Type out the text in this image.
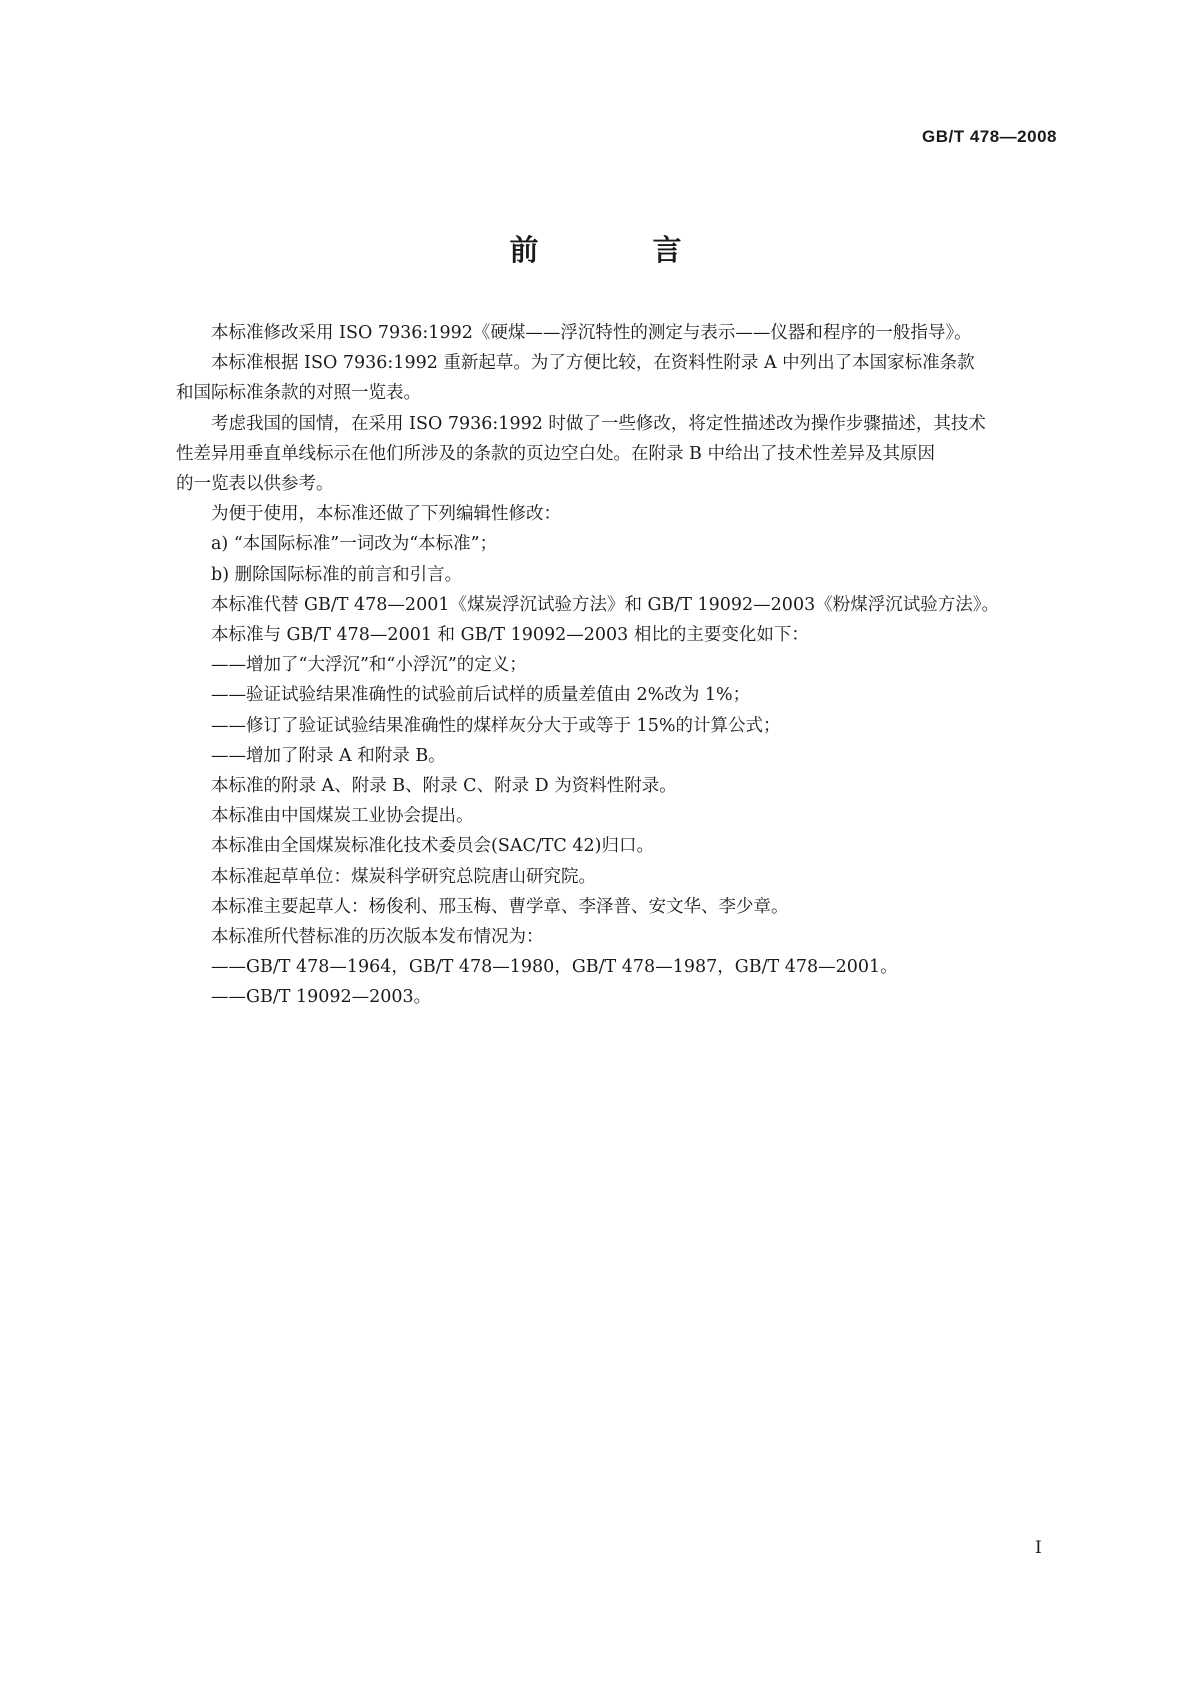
GB/T 478—2008
前 言

本标准修改采用 ISO 7936:1992《硬煤——浮沉特性的测定与表示——仪器和程序的一般指导》。

本标准根据 ISO 7936:1992 重新起草。为了方便比较，在资料性附录 A 中列出了本国家标准条款

和国际标准条款的对照一览表。

考虑我国的国情，在采用 ISO 7936:1992 时做了一些修改，将定性描述改为操作步骤描述，其技术

性差异用垂直单线标示在他们所涉及的条款的页边空白处。在附录 B 中给出了技术性差异及其原因

的一览表以供参考。

为便于使用，本标准还做了下列编辑性修改：

a) “本国际标准”一词改为“本标准”；

b) 删除国际标准的前言和引言。

本标准代替 GB/T 478—2001《煤炭浮沉试验方法》和 GB/T 19092—2003《粉煤浮沉试验方法》。

本标准与 GB/T 478—2001 和 GB/T 19092—2003 相比的主要变化如下：

——增加了“大浮沉”和“小浮沉”的定义；

——验证试验结果准确性的试验前后试样的质量差值由 2%改为 1%；

——修订了验证试验结果准确性的煤样灰分大于或等于 15%的计算公式；

——增加了附录 A 和附录 B。

本标准的附录 A、附录 B、附录 C、附录 D 为资料性附录。

本标准由中国煤炭工业协会提出。

本标准由全国煤炭标准化技术委员会(SAC/TC 42)归口。

本标准起草单位：煤炭科学研究总院唐山研究院。

本标准主要起草人：杨俊利、邢玉梅、曹学章、李泽普、安文华、李少章。

本标准所代替标准的历次版本发布情况为：

——GB/T 478—1964，GB/T 478—1980，GB/T 478—1987，GB/T 478—2001。

——GB/T 19092—2003。

I
